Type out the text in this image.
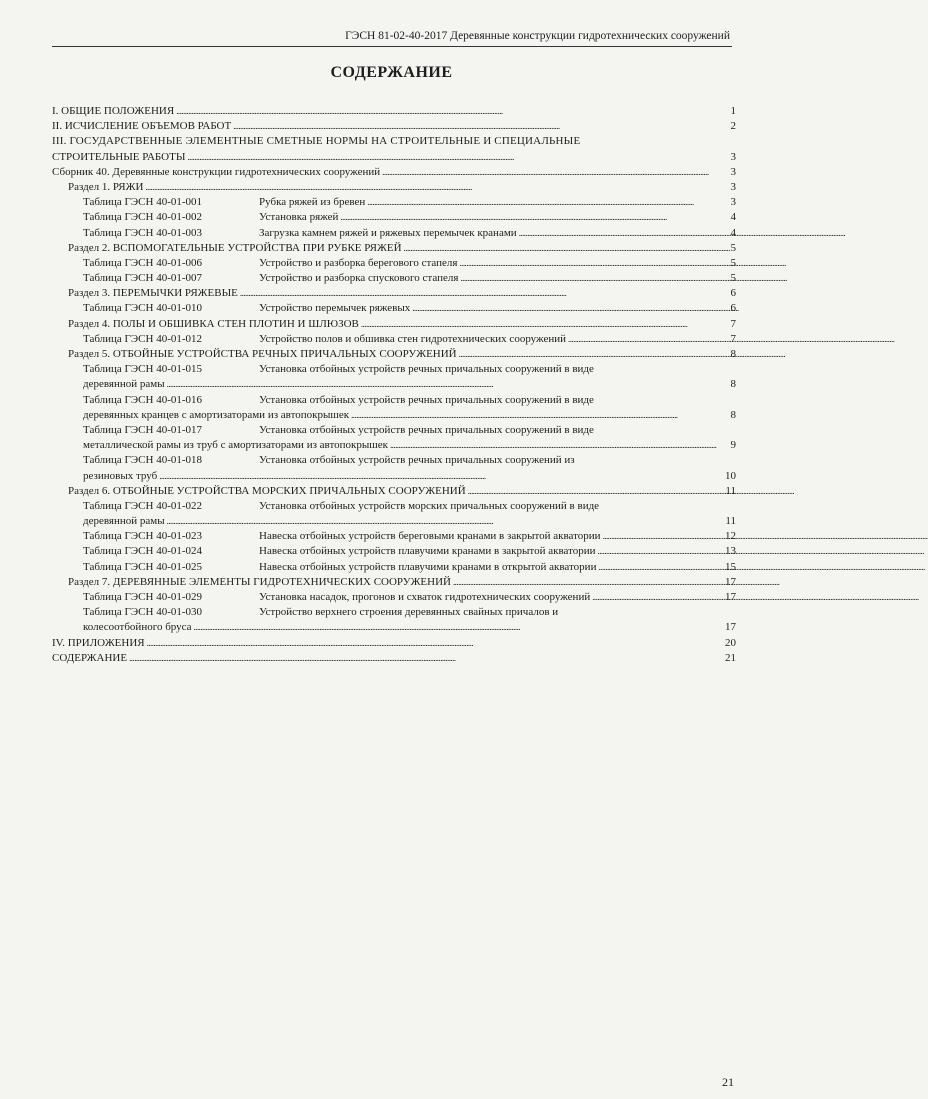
ГЭСН 81-02-40-2017 Деревянные конструкции гидротехнических сооружений
СОДЕРЖАНИЕ
I. ОБЩИЕ ПОЛОЖЕНИЯ . . .	1
II. ИСЧИСЛЕНИЕ ОБЪЕМОВ РАБОТ . . .	2
III. ГОСУДАРСТВЕННЫЕ ЭЛЕМЕНТНЫЕ СМЕТНЫЕ НОРМЫ НА СТРОИТЕЛЬНЫЕ И СПЕЦИАЛЬНЫЕ
СТРОИТЕЛЬНЫЕ РАБОТЫ . . .	3
Сборник 40. Деревянные конструкции гидротехнических сооружений . . .	3
Раздел 1. РЯЖИ . . .	3
Таблица ГЭСН 40-01-001	Рубка ряжей из бревен . . .	3
Таблица ГЭСН 40-01-002	Установка ряжей . . .	4
Таблица ГЭСН 40-01-003	Загрузка камнем ряжей и ряжевых перемычек кранами . . .	4
Раздел 2. ВСПОМОГАТЕЛЬНЫЕ УСТРОЙСТВА ПРИ РУБКЕ РЯЖЕЙ . . .	5
Таблица ГЭСН 40-01-006	Устройство и разборка берегового стапеля . . .	5
Таблица ГЭСН 40-01-007	Устройство и разборка спускового стапеля . . .	5
Раздел 3. ПЕРЕМЫЧКИ РЯЖЕВЫЕ . . .	6
Таблица ГЭСН 40-01-010	Устройство перемычек ряжевых . . .	6
Раздел 4. ПОЛЫ И ОБШИВКА СТЕН ПЛОТИН И ШЛЮЗОВ . . .	7
Таблица ГЭСН 40-01-012	Устройство полов и обшивка стен гидротехнических сооружений . . .	7
Раздел 5. ОТБОЙНЫЕ УСТРОЙСТВА РЕЧНЫХ ПРИЧАЛЬНЫХ СООРУЖЕНИЙ . . .	8
Таблица ГЭСН 40-01-015	Установка отбойных устройств речных причальных сооружений в виде
деревянной рамы . . .	8
Таблица ГЭСН 40-01-016	Установка отбойных устройств речных причальных сооружений в виде
деревянных кранцев с амортизаторами из автопокрышек . . .	8
Таблица ГЭСН 40-01-017	Установка отбойных устройств речных причальных сооружений в виде
металлической рамы из труб с амортизаторами из автопокрышек . . .	9
Таблица ГЭСН 40-01-018	Установка отбойных устройств речных причальных сооружений из
резиновых труб . . .	10
Раздел 6. ОТБОЙНЫЕ УСТРОЙСТВА МОРСКИХ ПРИЧАЛЬНЫХ СООРУЖЕНИЙ . . .	11
Таблица ГЭСН 40-01-022	Установка отбойных устройств морских причальных сооружений в виде
деревянной рамы . . .	11
Таблица ГЭСН 40-01-023	Навеска отбойных устройств береговыми кранами в закрытой акватории . . .	12
Таблица ГЭСН 40-01-024	Навеска отбойных устройств плавучими кранами в закрытой акватории . . .	13
Таблица ГЭСН 40-01-025	Навеска отбойных устройств плавучими кранами в открытой акватории . . .	15
Раздел 7. ДЕРЕВЯННЫЕ ЭЛЕМЕНТЫ ГИДРОТЕХНИЧЕСКИХ СООРУЖЕНИЙ . . .	17
Таблица ГЭСН 40-01-029	Установка насадок, прогонов и схваток гидротехнических сооружений . . .	17
Таблица ГЭСН 40-01-030	Устройство верхнего строения деревянных свайных причалов и
колесоотбойного бруса . . .	17
IV. ПРИЛОЖЕНИЯ . . .	20
СОДЕРЖАНИЕ . . .	21
21
